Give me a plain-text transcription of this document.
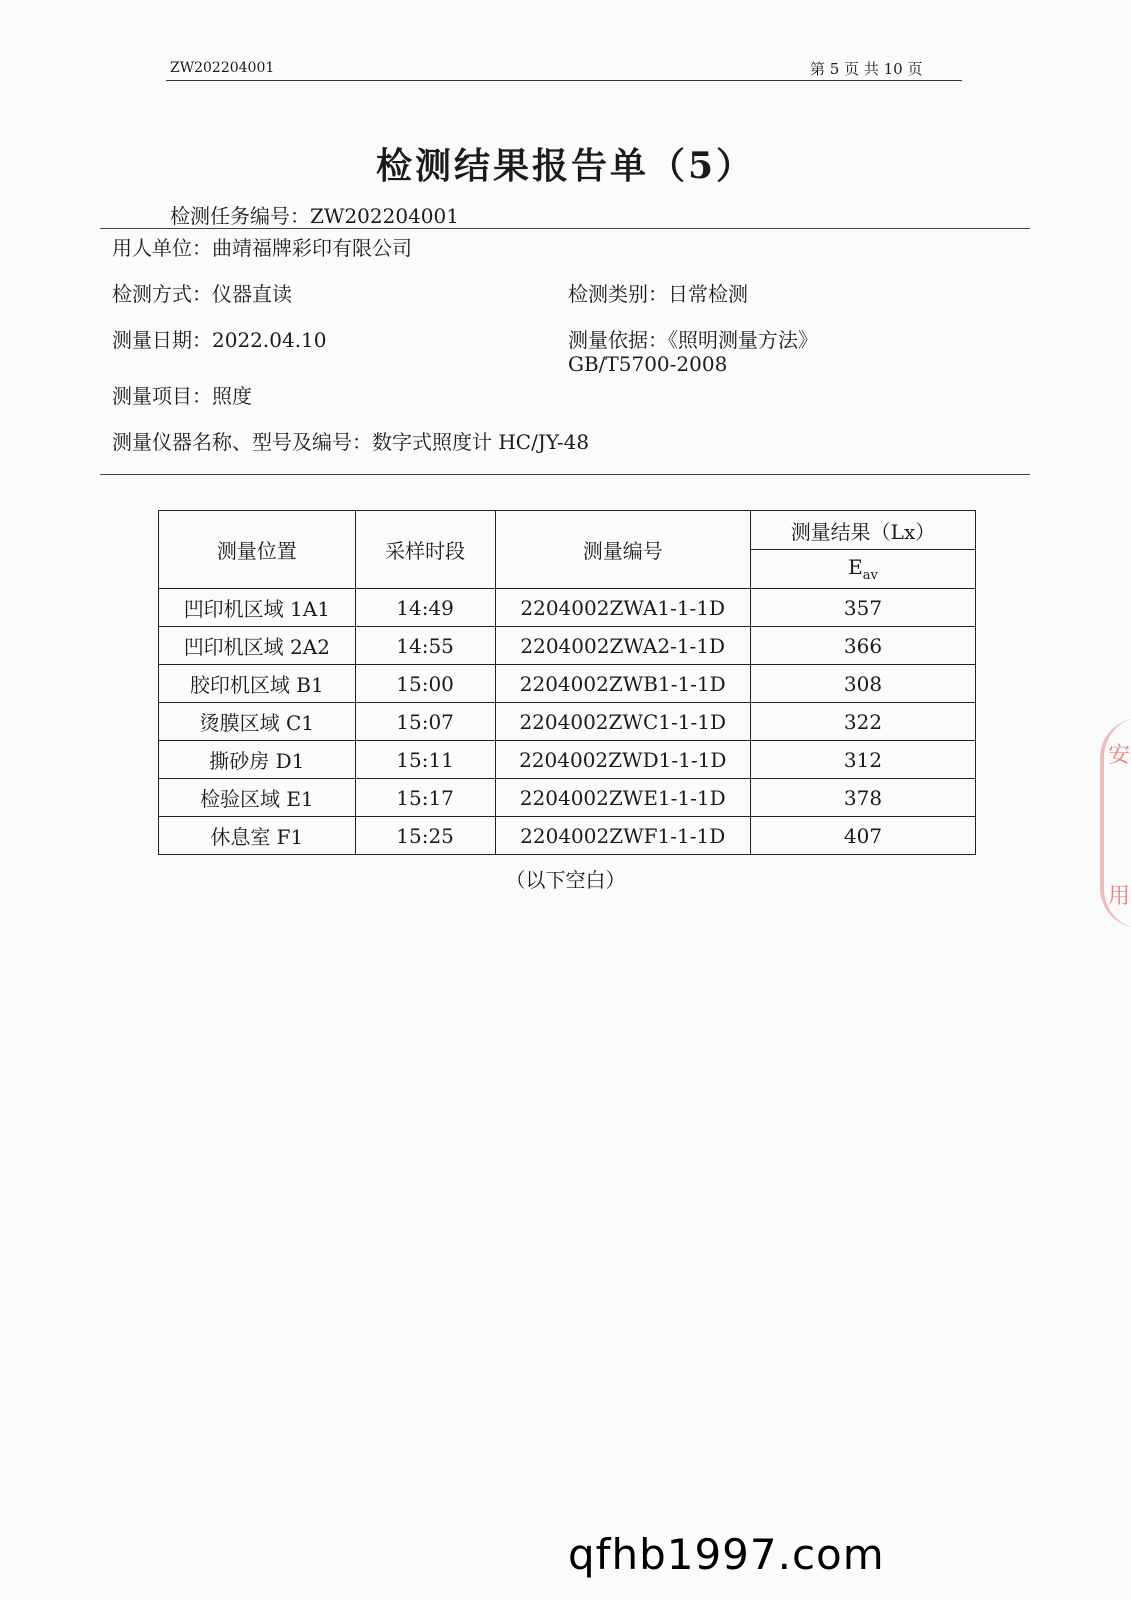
ZW202204001	第 5 页 共 10 页
检测结果报告单（5）
检测任务编号：ZW202204001
用人单位：曲靖福牌彩印有限公司
检测方式：仪器直读	检测类别：日常检测
测量日期：2022.04.10	测量依据：《照明测量方法》
GB/T5700-2008
测量项目：照度
测量仪器名称、型号及编号：数字式照度计 HC/JY-48
测量位置	采样时段	测量编号	测量结果（Lx）
			$E_{av}$
凹印机区域 1A1	14:49	2204002ZWA1-1-1D	357
凹印机区域 2A2	14:55	2204002ZWA2-1-1D	366
胶印机区域 B1	15:00	2204002ZWB1-1-1D	308
烫膜区域 C1	15:07	2204002ZWC1-1-1D	322
撕砂房 D1	15:11	2204002ZWD1-1-1D	312
检验区域 E1	15:17	2204002ZWE1-1-1D	378
休息室 F1	15:25	2204002ZWF1-1-1D	407
（以下空白）
安
用
qfhb1997.com
